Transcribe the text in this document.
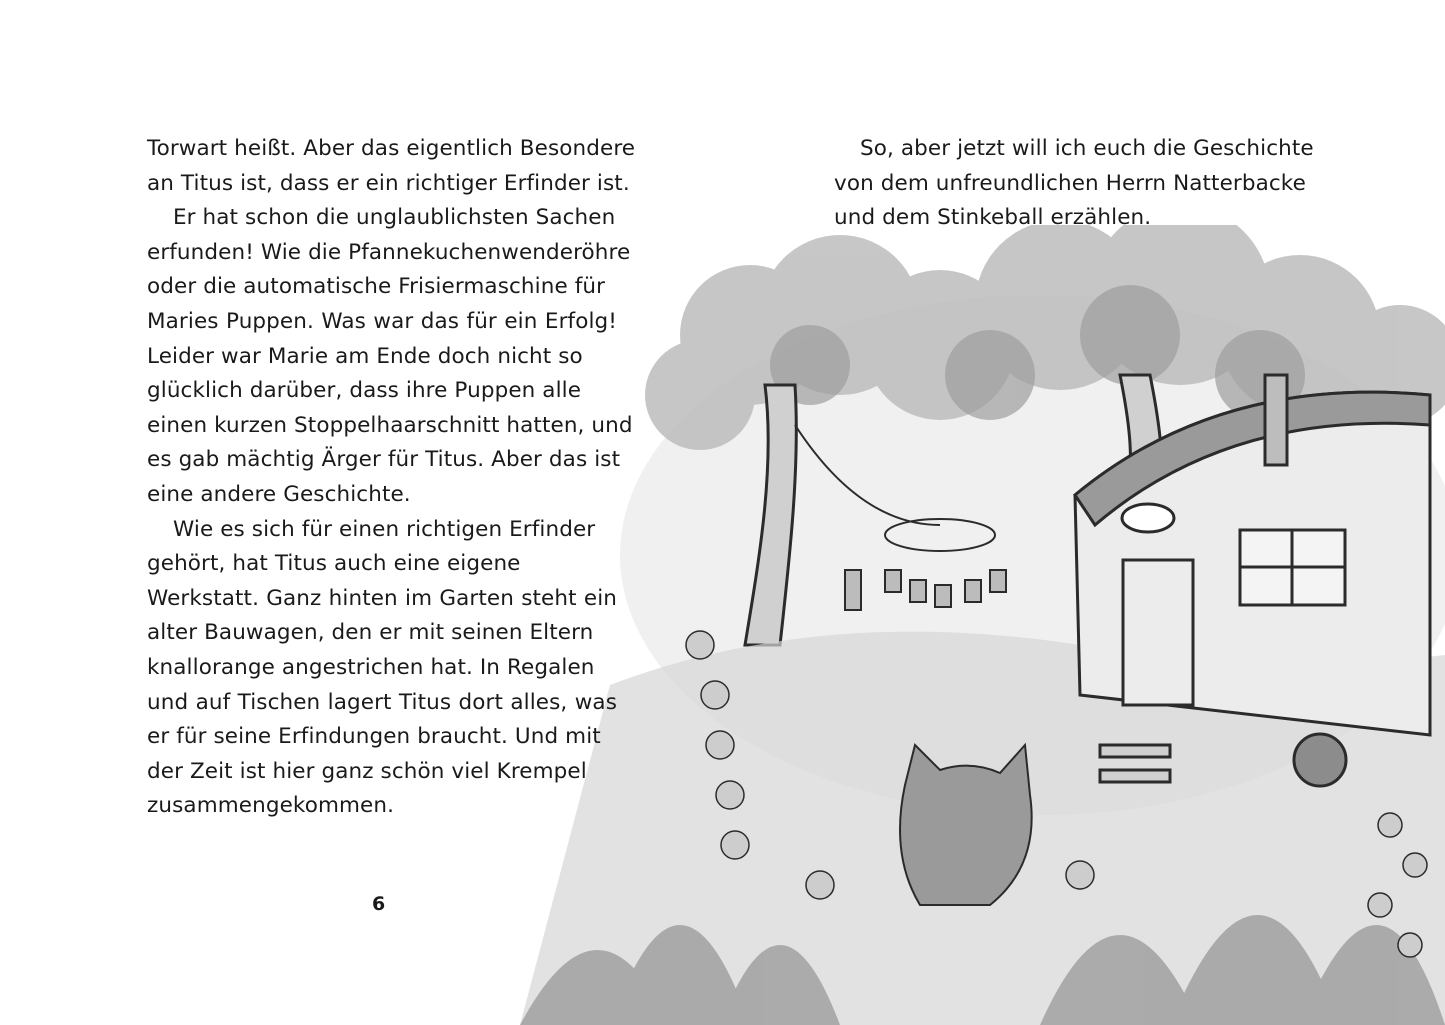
Torwart heißt. Aber das eigentlich Besondere
an Titus ist, dass er ein richtiger Erfinder ist.

Er hat schon die unglaublichsten Sachen
erfunden! Wie die Pfannekuchenwenderöhre
oder die automatische Frisiermaschine für
Maries Puppen. Was war das für ein Erfolg!
Leider war Marie am Ende doch nicht so
glücklich darüber, dass ihre Puppen alle
einen kurzen Stoppelhaarschnitt hatten, und
es gab mächtig Ärger für Titus. Aber das ist
eine andere Geschichte.

Wie es sich für einen richtigen Erfinder
gehört, hat Titus auch eine eigene
Werkstatt. Ganz hinten im Garten steht ein
alter Bauwagen, den er mit seinen Eltern
knallorange angestrichen hat. In Regalen
und auf Tischen lagert Titus dort alles, was
er für seine Erfindungen braucht. Und mit
der Zeit ist hier ganz schön viel Krempel
zusammengekommen.

6

So, aber jetzt will ich euch die Geschichte
von dem unfreundlichen Herrn Natterbacke
und dem Stinkeball erzählen.
